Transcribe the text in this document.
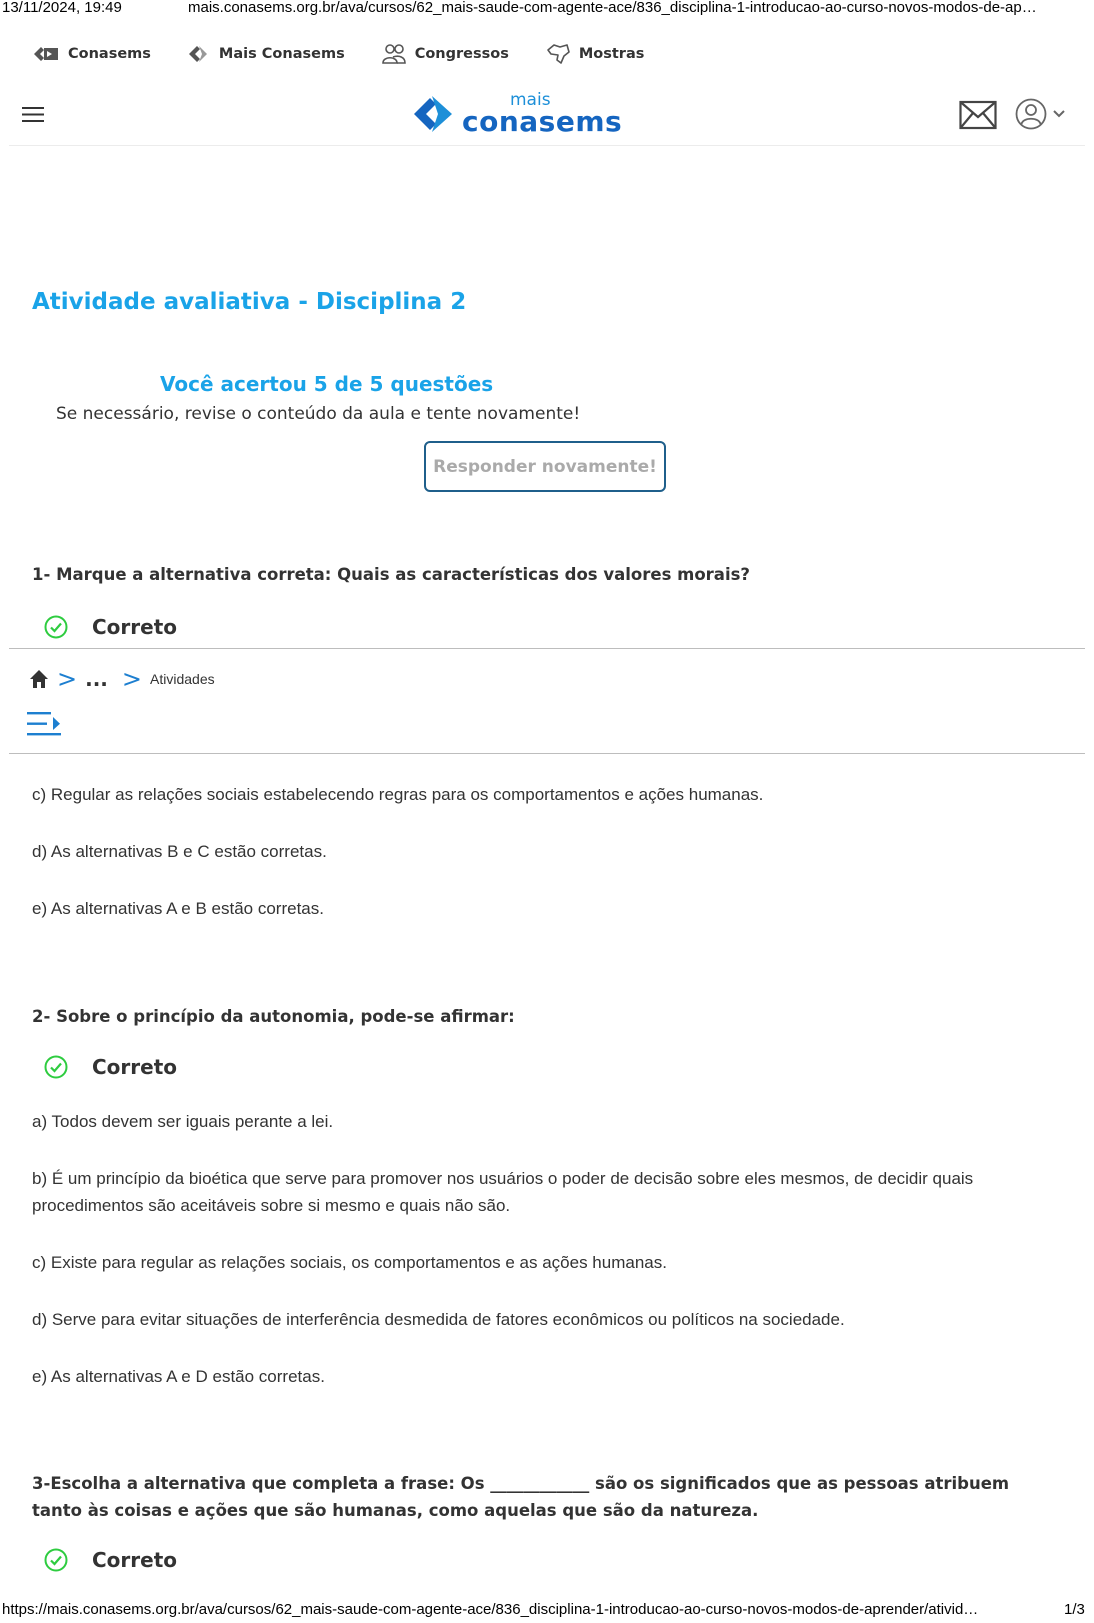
13/11/2024, 19:49	mais.conasems.org.br/ava/cursos/62_mais-saude-com-agente-ace/836_disciplina-1-introducao-ao-curso-novos-modos-de-ap…
Conasems	Mais Conasems	Congressos	Mostras
mais
conasems
Atividade avaliativa - Disciplina 2
Você acertou 5 de 5 questões
Se necessário, revise o conteúdo da aula e tente novamente!
Responder novamente!
1- Marque a alternativa correta: Quais as características dos valores morais?
Correto
> ... > Atividades
c) Regular as relações sociais estabelecendo regras para os comportamentos e ações humanas.
d) As alternativas B e C estão corretas.
e) As alternativas A e B estão corretas.
2- Sobre o princípio da autonomia, pode-se afirmar:
Correto
a) Todos devem ser iguais perante a lei.
b) É um princípio da bioética que serve para promover nos usuários o poder de decisão sobre eles mesmos, de decidir quais procedimentos são aceitáveis sobre si mesmo e quais não são.
c) Existe para regular as relações sociais, os comportamentos e as ações humanas.
d) Serve para evitar situações de interferência desmedida de fatores econômicos ou políticos na sociedade.
e) As alternativas A e D estão corretas.
3-Escolha a alternativa que completa a frase: Os ____________ são os significados que as pessoas atribuem tanto às coisas e ações que são humanas, como aquelas que são da natureza.
Correto
https://mais.conasems.org.br/ava/cursos/62_mais-saude-com-agente-ace/836_disciplina-1-introducao-ao-curso-novos-modos-de-aprender/ativid…	1/3
